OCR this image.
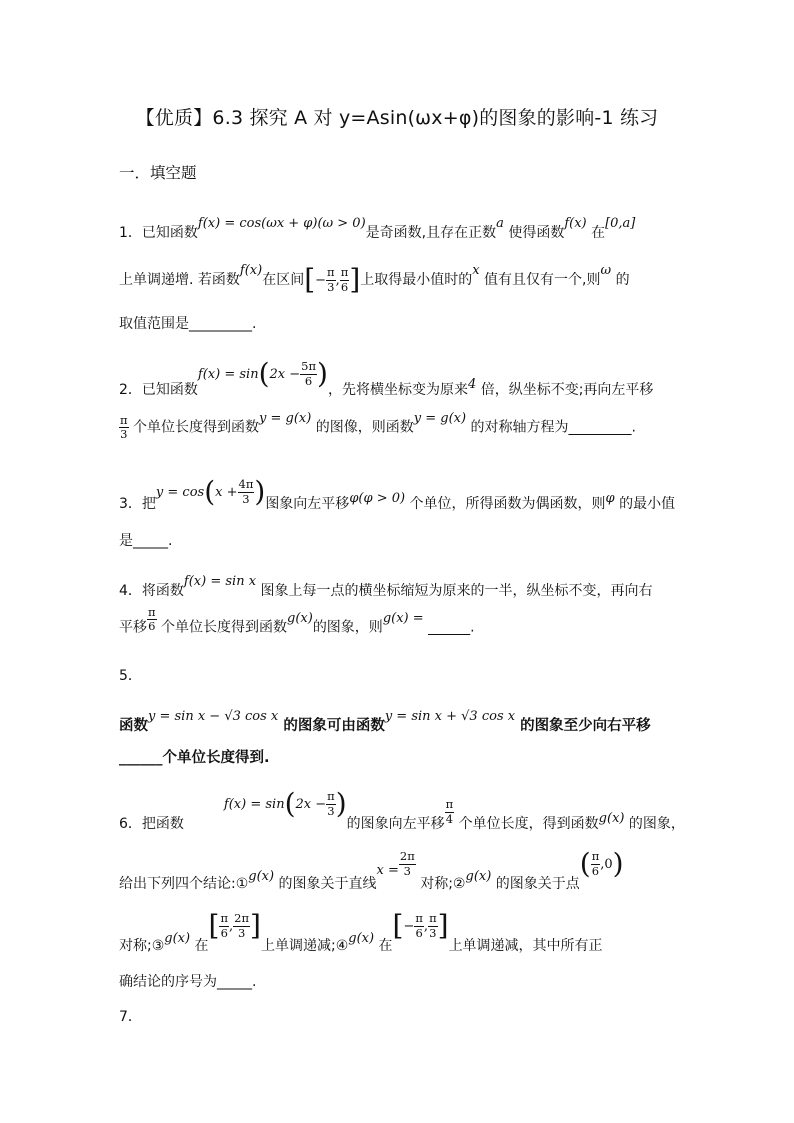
【优质】6.3 探究 A 对 y=Asin(ωx+φ)的图象的影响-1 练习
一．填空题
1．已知函数f(x) = cos(ωx + φ)(ω > 0)是奇函数,且存在正数a 使得函数f(x) 在[0,a]
上单调递增. 若函数f(x)在区间[− $\frac{\pi}{3}$ , $\frac{\pi}{6}$ ]上取得最小值时的x 值有且仅有一个,则ω 的
取值范围是_________.
2．已知函数$f(x) = \sin(2x - \frac{5\pi}{6}$ )，先将横坐标变为原来4 倍，纵坐标不变;再向左平移
$\frac{\pi}{3}$ 个单位长度得到函数y = g(x) 的图像，则函数y = g(x) 的对称轴方程为_________.
3．把$y = \cos(x + \frac{4\pi}{3}$ )图象向左平移φ(φ > 0) 个单位，所得函数为偶函数，则φ 的最小值
是_____.
4．将函数f(x) = sin x 图象上每一点的横坐标缩短为原来的一半，纵坐标不变，再向右
平移 $\frac{\pi}{6}$ 个单位长度得到函数g(x)的图象，则g(x) = ______.
5．
函数y = sin x − √3 cos x 的图象可由函数y = sin x + √3 cos x 的图象至少向右平移
______个单位长度得到.
6．把函数$f(x) = \sin(2x - \frac{\pi}{3}$ )的图象向左平移 $\frac{\pi}{4}$ 个单位长度，得到函数g(x) 的图象，
给出下列四个结论:①g(x) 的图象关于直线$x = \frac{2\pi}{3}$
对称;②g(x) 的图象关于点( $\frac{\pi}{6} ,0$)
对称;③g(x) 在[ $\frac{\pi}{6}$ , $\frac{2\pi}{3}$ ]上单调递减;④g(x) 在[− $\frac{\pi}{6}$ , $\frac{\pi}{3}$ ]上单调递减，其中所有正
确结论的序号为_____.
7．
